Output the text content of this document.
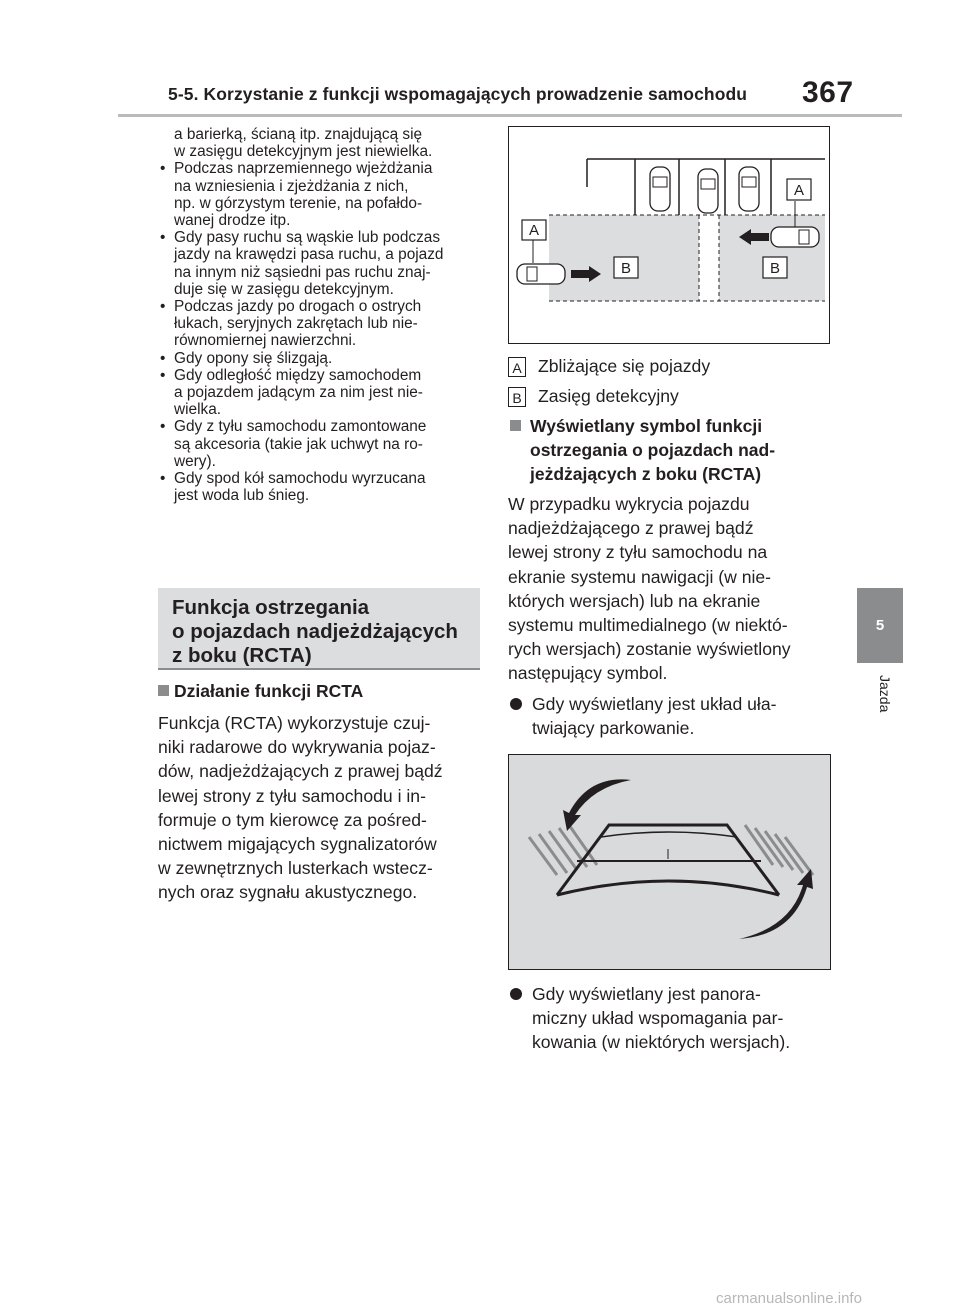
5-5. Korzystanie z funkcji wspomagających prowadzenie samochodu 367
5
Jazda

a barierką, ścianą itp. znajdującą się

w zasięgu detekcyjnym jest niewielka.

• Podczas naprzemiennego wjeżdżania

na wzniesienia i zjeżdżania z nich,

np. w górzystym terenie, na pofałdo-

wanej drodze itp.

• Gdy pasy ruchu są wąskie lub podczas

jazdy na krawędzi pasa ruchu, a pojazd

na innym niż sąsiedni pas ruchu znaj-

duje się w zasięgu detekcyjnym.

• Podczas jazdy po drogach o ostrych

łukach, seryjnych zakrętach lub nie-

równomiernej nawierzchni.

• Gdy opony się ślizgają.

• Gdy odległość między samochodem

a pojazdem jadącym za nim jest nie-

wielka.

• Gdy z tyłu samochodu zamontowane

są akcesoria (takie jak uchwyt na ro-

wery).

• Gdy spod kół samochodu wyrzucana

jest woda lub śnieg.

Funkcja ostrzegania
o pojazdach nadjeżdżających
z boku (RCTA)
Działanie funkcji RCTA
Funkcja (RCTA) wykorzystuje czuj-
niki radarowe do wykrywania pojaz-
dów, nadjeżdżających z prawej bądź
lewej strony z tyłu samochodu i in-
formuje o tym kierowcę za pośred-
nictwem migających sygnalizatorów
w zewnętrznych lusterkach wstecz-
nych oraz sygnału akustycznego.
A
A
B	B
A Zbliżające się pojazdy
B Zasięg detekcyjny
Wyświetlany symbol funkcji
ostrzegania o pojazdach nad-
jeżdżających z boku (RCTA)
W przypadku wykrycia pojazdu
nadjeżdżającego z prawej bądź
lewej strony z tyłu samochodu na
ekranie systemu nawigacji (w nie-
których wersjach) lub na ekranie
systemu multimedialnego (w niektó-
rych wersjach) zostanie wyświetlony
następujący symbol.
Gdy wyświetlany jest układ uła-
twiający parkowanie.
Gdy wyświetlany jest panora-
miczny układ wspomagania par-
kowania (w niektórych wersjach).
carmanualsonline.info
